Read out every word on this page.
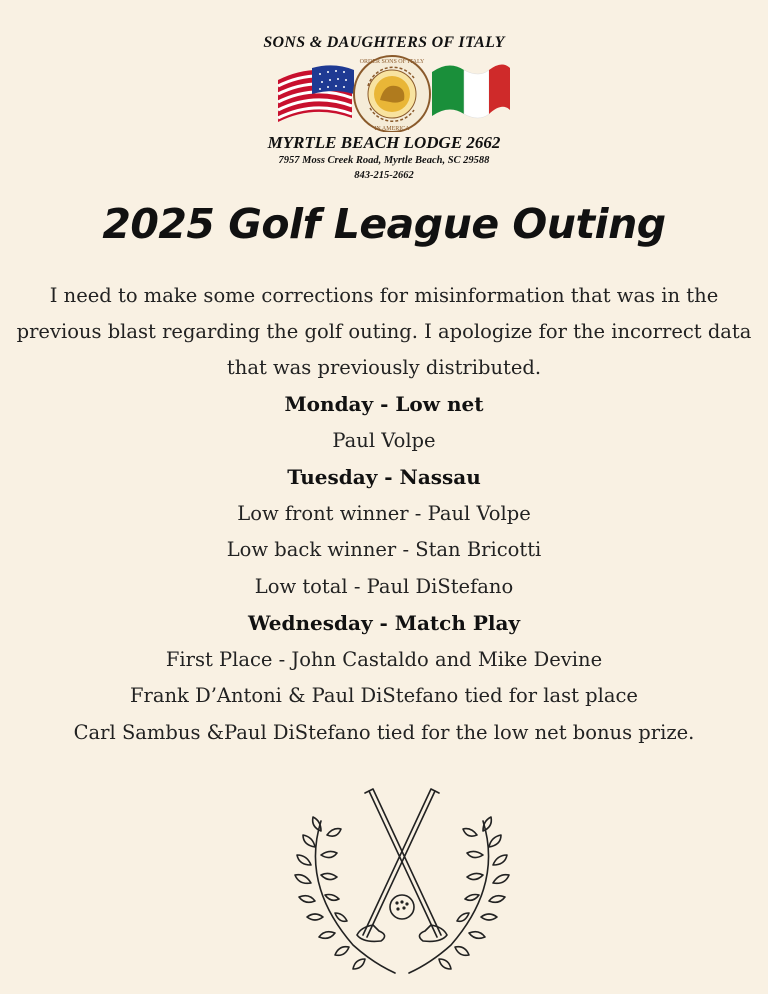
SONS & DAUGHTERS OF ITALY
ORDER SONS OF ITALY
IN AMERICA
MYRTLE BEACH LODGE 2662
7957 Moss Creek Road, Myrtle Beach, SC 29588
843-215-2662
2025 Golf League Outing
I need to make some corrections for misinformation that was in the previous blast regarding the golf outing. I apologize for the incorrect data that was previously distributed.
Monday - Low net
Paul Volpe
Tuesday - Nassau
Low front winner - Paul Volpe
Low back winner - Stan Bricotti
Low total - Paul DiStefano
Wednesday - Match Play
First Place - John Castaldo and Mike Devine
Frank D’Antoni & Paul DiStefano tied for last place
Carl Sambus &Paul DiStefano tied for the low net bonus prize.
